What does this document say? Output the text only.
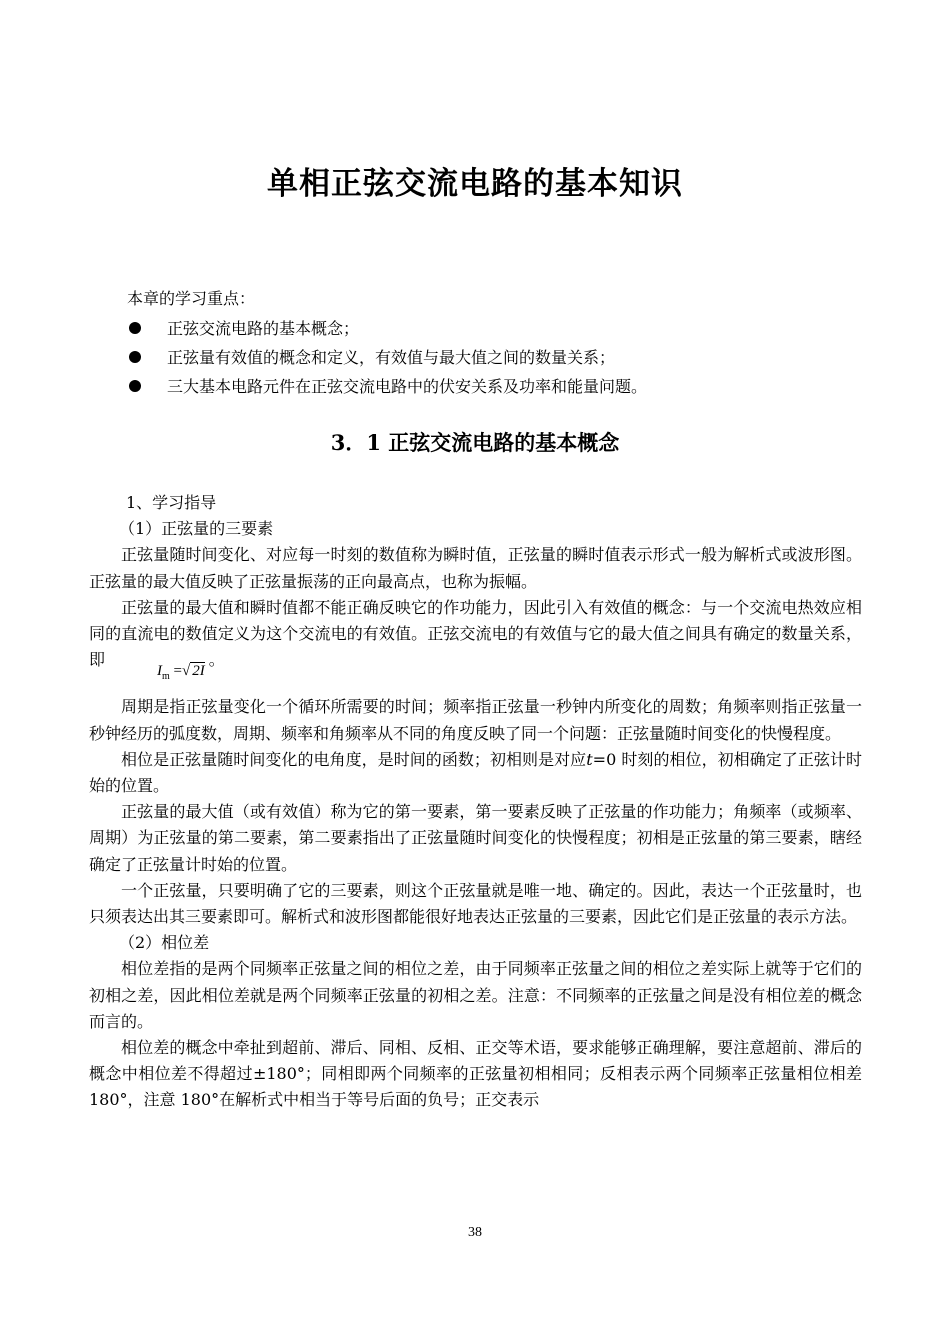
单相正弦交流电路的基本知识
本章的学习重点：
正弦交流电路的基本概念；
正弦量有效值的概念和定义，有效值与最大值之间的数量关系；
三大基本电路元件在正弦交流电路中的伏安关系及功率和能量问题。
3．1 正弦交流电路的基本概念

1、学习指导

（1）正弦量的三要素

正弦量随时间变化、对应每一时刻的数值称为瞬时值，正弦量的瞬时值表示形式一般为解析式或波形图。正弦量的最大值反映了正弦量振荡的正向最高点，也称为振幅。

正弦量的最大值和瞬时值都不能正确反映它的作功能力，因此引入有效值的概念：与一个交流电热效应相同的直流电的数值定义为这个交流电的有效值。正弦交流电的有效值与它的最大值之间具有确定的数量关系，即$I_m$ =√ 2I。

周期是指正弦量变化一个循环所需要的时间；频率指正弦量一秒钟内所变化的周数；角频率则指正弦量一秒钟经历的弧度数，周期、频率和角频率从不同的角度反映了同一个问题：正弦量随时间变化的快慢程度。

相位是正弦量随时间变化的电角度，是时间的函数；初相则是对应t=0 时刻的相位，初相确定了正弦计时始的位置。

正弦量的最大值（或有效值）称为它的第一要素，第一要素反映了正弦量的作功能力；角频率（或频率、周期）为正弦量的第二要素，第二要素指出了正弦量随时间变化的快慢程度；初相是正弦量的第三要素，瞎经确定了正弦量计时始的位置。

一个正弦量，只要明确了它的三要素，则这个正弦量就是唯一地、确定的。因此，表达一个正弦量时，也只须表达出其三要素即可。解析式和波形图都能很好地表达正弦量的三要素，因此它们是正弦量的表示方法。

（2）相位差

相位差指的是两个同频率正弦量之间的相位之差，由于同频率正弦量之间的相位之差实际上就等于它们的初相之差，因此相位差就是两个同频率正弦量的初相之差。注意：不同频率的正弦量之间是没有相位差的概念而言的。

相位差的概念中牵扯到超前、滞后、同相、反相、正交等术语，要求能够正确理解，要注意超前、滞后的概念中相位差不得超过±180°；同相即两个同频率的正弦量初相相同；反相表示两个同频率正弦量相位相差 180°，注意 180°在解析式中相当于等号后面的负号；正交表示

38
